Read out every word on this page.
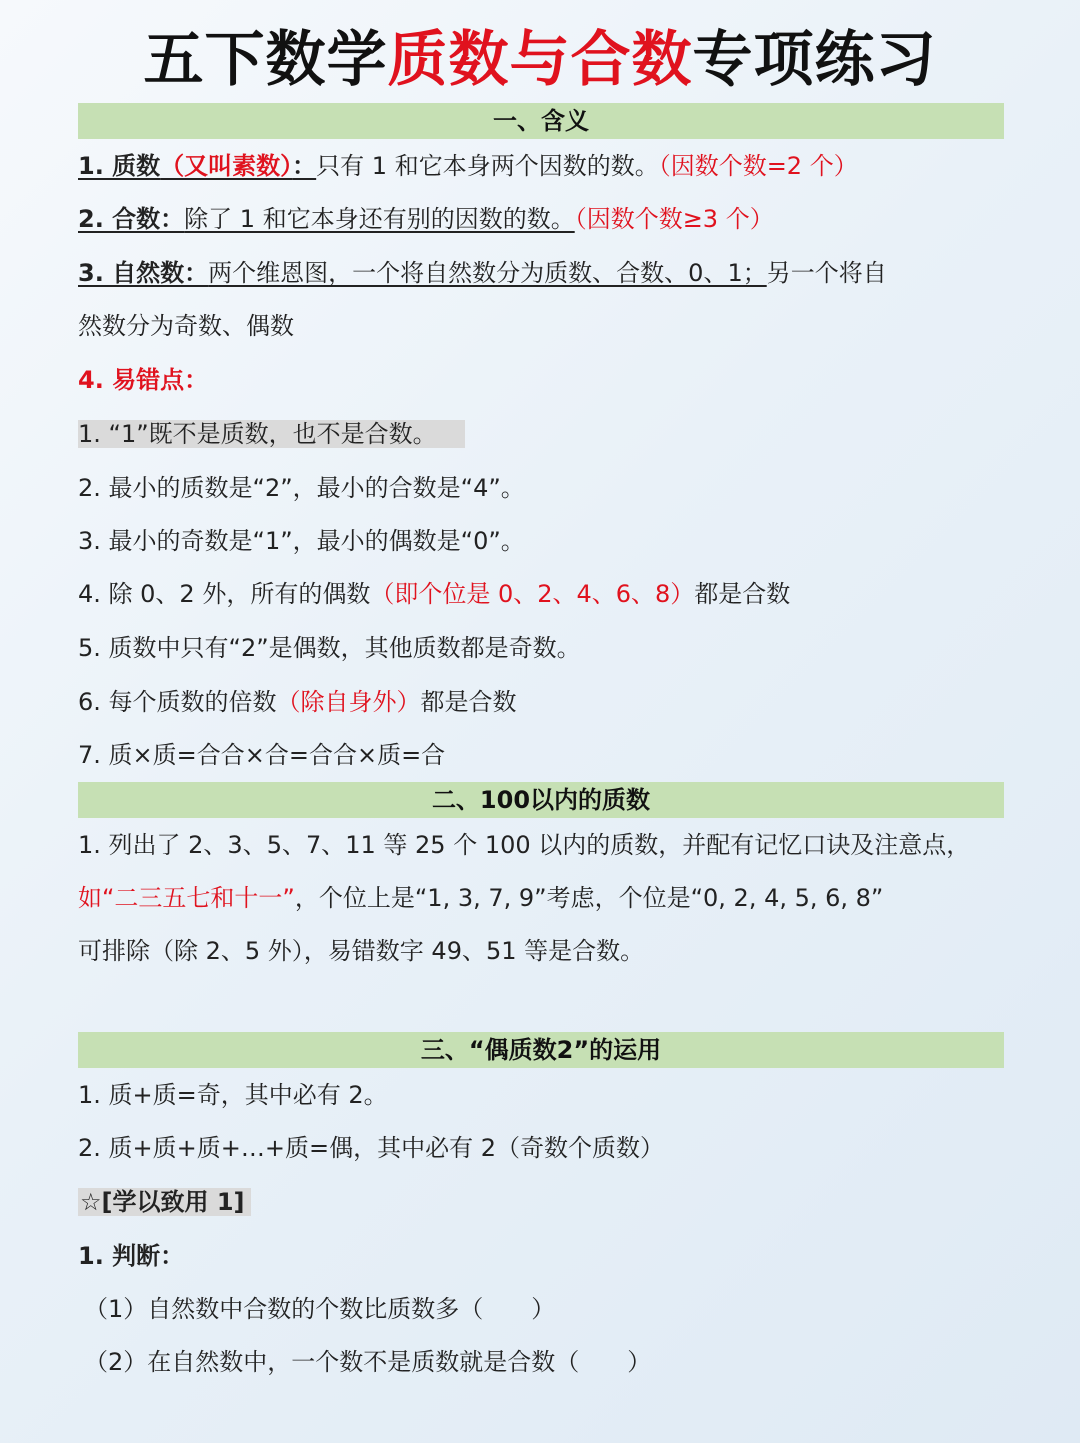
五下数学质数与合数专项练习
一、含义
1. 质数（又叫素数）：只有 1 和它本身两个因数的数。（因数个数=2 个）
2. 合数：除了 1 和它本身还有别的因数的数。（因数个数≥3 个）
3. 自然数：两个维恩图，一个将自然数分为质数、合数、0、1；另一个将自
然数分为奇数、偶数
4. 易错点：
1. “1”既不是质数，也不是合数。
2. 最小的质数是“2”，最小的合数是“4”。
3. 最小的奇数是“1”，最小的偶数是“0”。
4. 除 0、2 外，所有的偶数（即个位是 0、2、4、6、8）都是合数
5. 质数中只有“2”是偶数，其他质数都是奇数。
6. 每个质数的倍数（除自身外）都是合数
7. 质×质=合合×合=合合×质=合
二、100以内的质数
1. 列出了 2、3、5、7、11 等 25 个 100 以内的质数，并配有记忆口诀及注意点，
如“二三五七和十一”，个位上是“1, 3, 7, 9”考虑，个位是“0, 2, 4, 5, 6, 8”
可排除（除 2、5 外），易错数字 49、51 等是合数。
三、“偶质数2”的运用
1. 质+质=奇，其中必有 2。
2. 质+质+质+…+质=偶，其中必有 2（奇数个质数）
☆[学以致用 1]
1. 判断：
（1）自然数中合数的个数比质数多（　　）
（2）在自然数中，一个数不是质数就是合数（　　）
